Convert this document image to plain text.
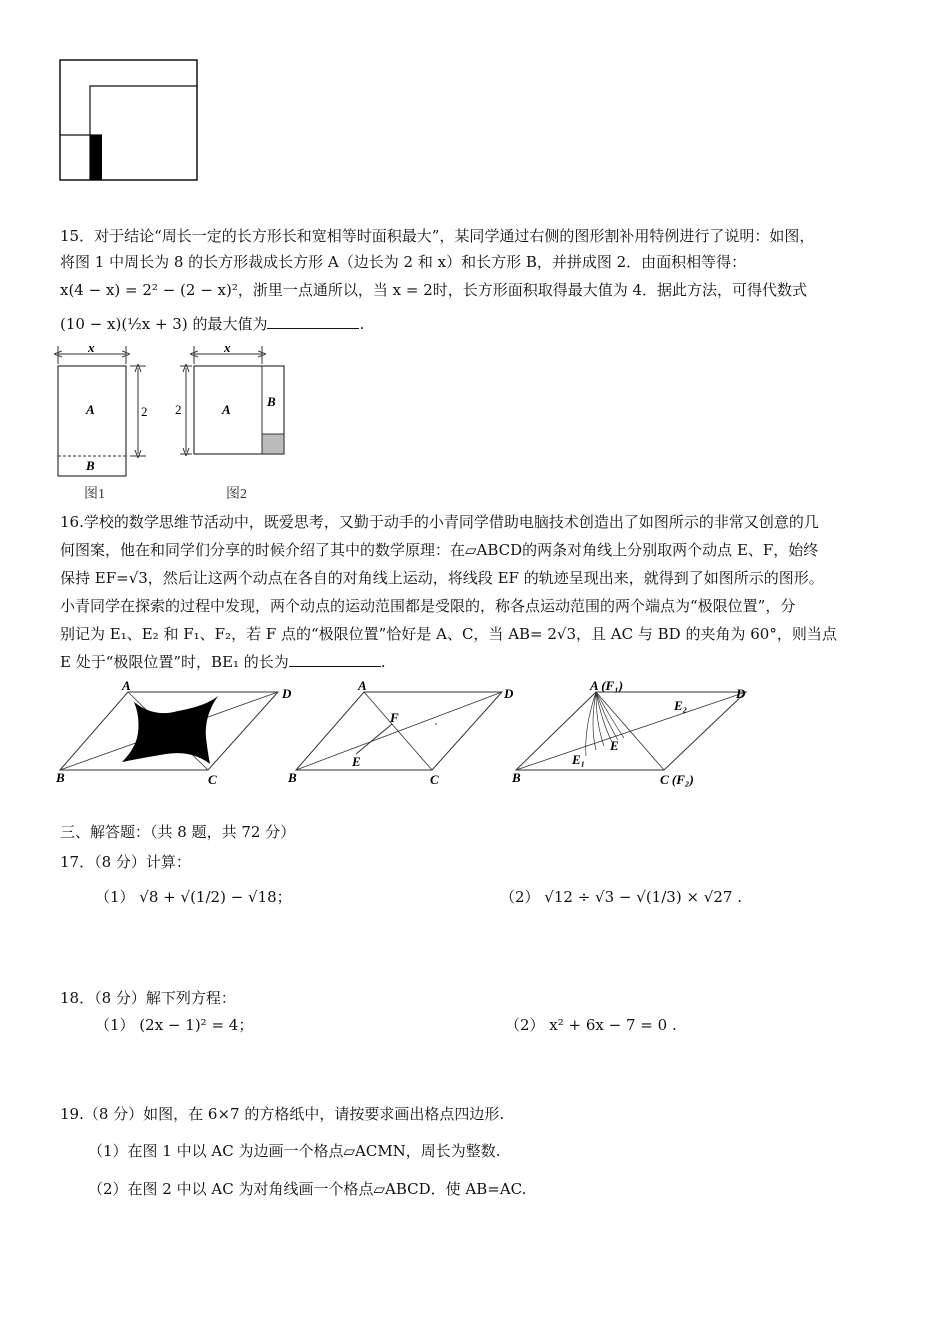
15．对于结论“周长一定的长方形长和宽相等时面积最大”，某同学通过右侧的图形割补用特例进行了说明：如图，
将图 1 中周长为 8 的长方形裁成长方形 A（边长为 2 和 x）和长方形 B，并拼成图 2．由面积相等得：
x(4 − x) = 2² − (2 − x)²，浙里一点通所以，当 x = 2时，长方形面积取得最大值为 4．据此方法，可得代数式
(10 − x)(½x + 3) 的最大值为	.
x
A
B
2
图1
x
2	A
B
图2
16.学校的数学思维节活动中，既爱思考，又勤于动手的小青同学借助电脑技术创造出了如图所示的非常又创意的几
何图案，他在和同学们分享的时候介绍了其中的数学原理：在▱ABCD的两条对角线上分别取两个动点 E、F，始终
保持 EF=√3，然后让这两个动点在各自的对角线上运动，将线段 EF 的轨迹呈现出来，就得到了如图所示的图形。
小青同学在探索的过程中发现，两个动点的运动范围都是受限的，称各点运动范围的两个端点为“极限位置”，分
别记为 E₁、E₂ 和 F₁、F₂，若 F 点的“极限位置”恰好是 A、C，当 AB= 2√3，且 AC 与 BD 的夹角为 60°，则当点
E 处于“极限位置”时，BE₁ 的长为	.
A
D
B	C
A
D
B	C
F
E
A (F₁)
D
B	C (F₂)
E₂
E
E₁
三、解答题：（共 8 题，共 72 分）
17．（8 分）计算：
（1） √8 + √(1/2) − √18；	（2） √12 ÷ √3 − √(1/3) × √27 .
18．（8 分）解下列方程：
（1） (2x − 1)² = 4；	（2） x² + 6x − 7 = 0 .
19.（8 分）如图，在 6×7 的方格纸中，请按要求画出格点四边形.
（1）在图 1 中以 AC 为边画一个格点▱ACMN，周长为整数.
（2）在图 2 中以 AC 为对角线画一个格点▱ABCD．使 AB=AC.
